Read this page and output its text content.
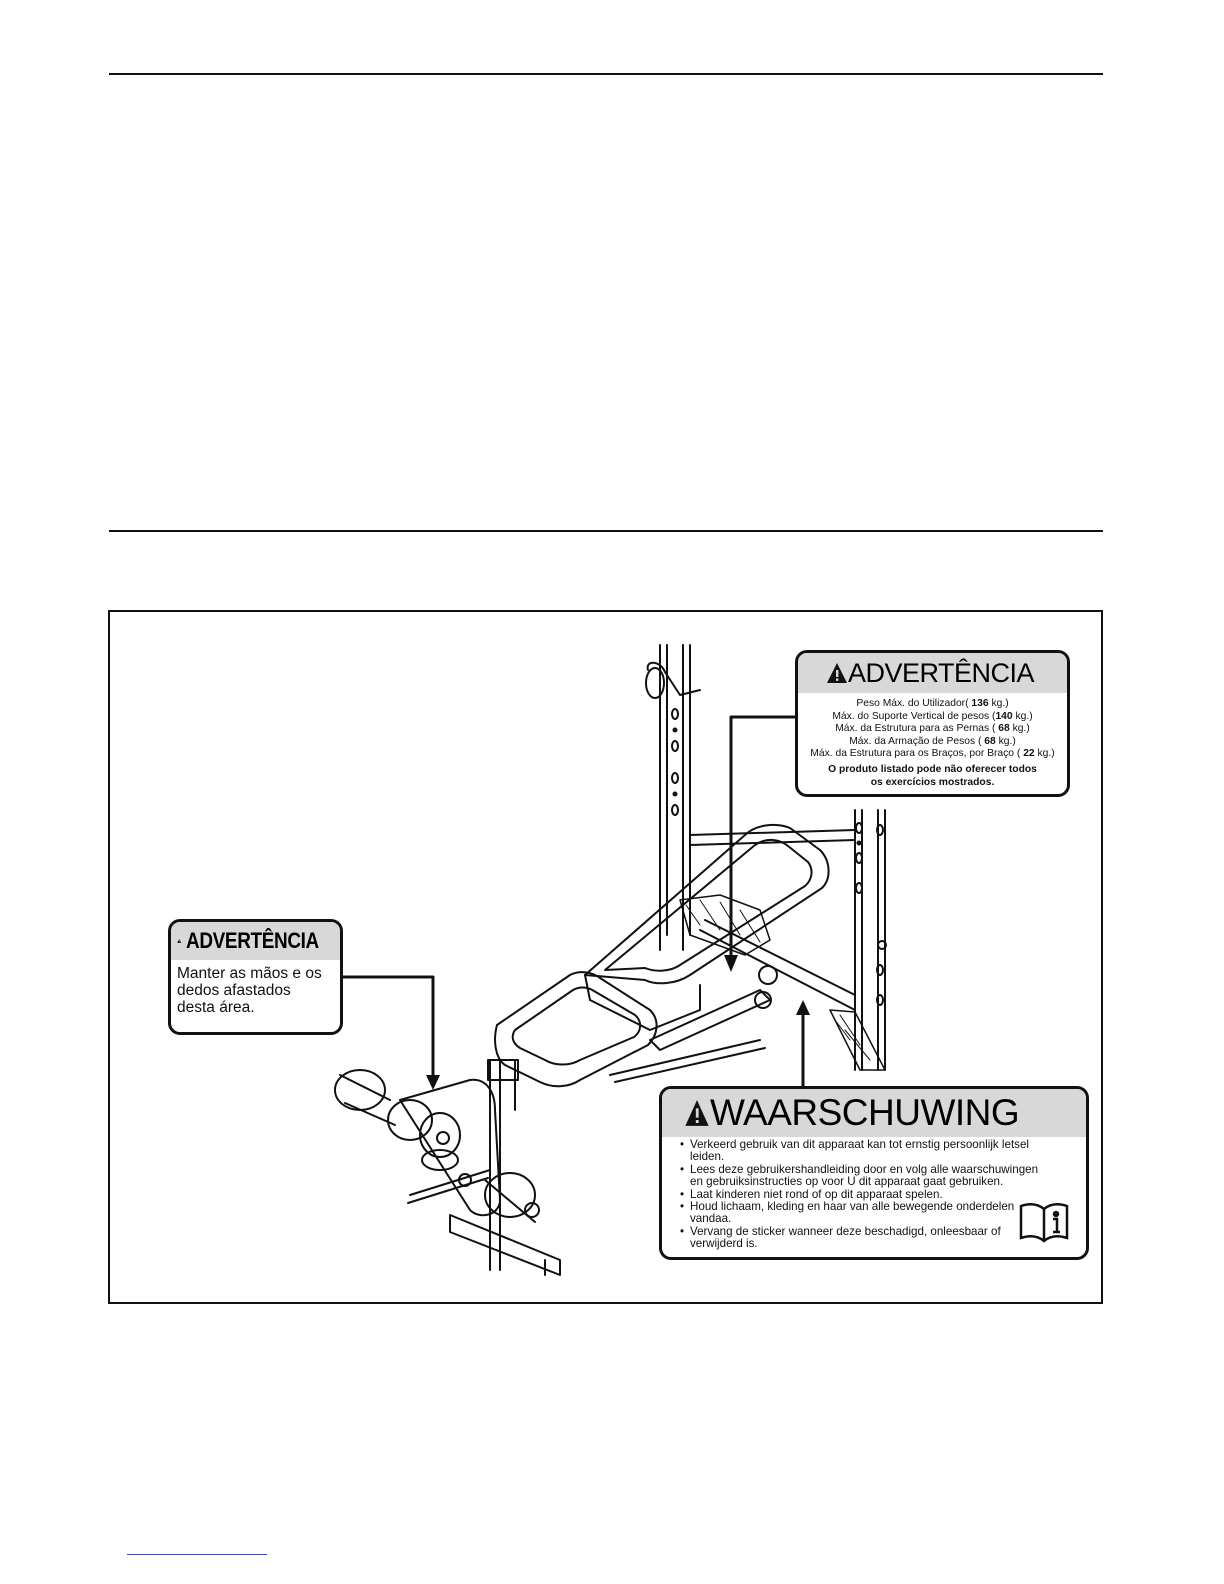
ADVERTÊNCIA
Peso Máx. do Utilizador( 136 kg.)
Máx. do Suporte Vertical de pesos (140 kg.)
Máx. da Estrutura para as Pernas ( 68 kg.)
Máx. da Armação de Pesos ( 68 kg.)
Máx. da Estrutura para os Braços, por Braço ( 22 kg.)
O produto listado pode não oferecer todos os exercícios mostrados.
ADVERTÊNCIA
Manter as mãos e os dedos afastados desta área.
WAARSCHUWING
• Verkeerd gebruik van dit apparaat kan tot ernstig persoonlijk letsel leiden.
• Lees deze gebruikershandleiding door en volg alle waarschuwingen en gebruiksinstructies op voor U dit apparaat gaat gebruiken.
• Laat kinderen niet rond of op dit apparaat spelen.
• Houd lichaam, kleding en haar van alle bewegende onderdelen vandaa.
• Vervang de sticker wanneer deze beschadigd, onleesbaar of verwijderd is.
